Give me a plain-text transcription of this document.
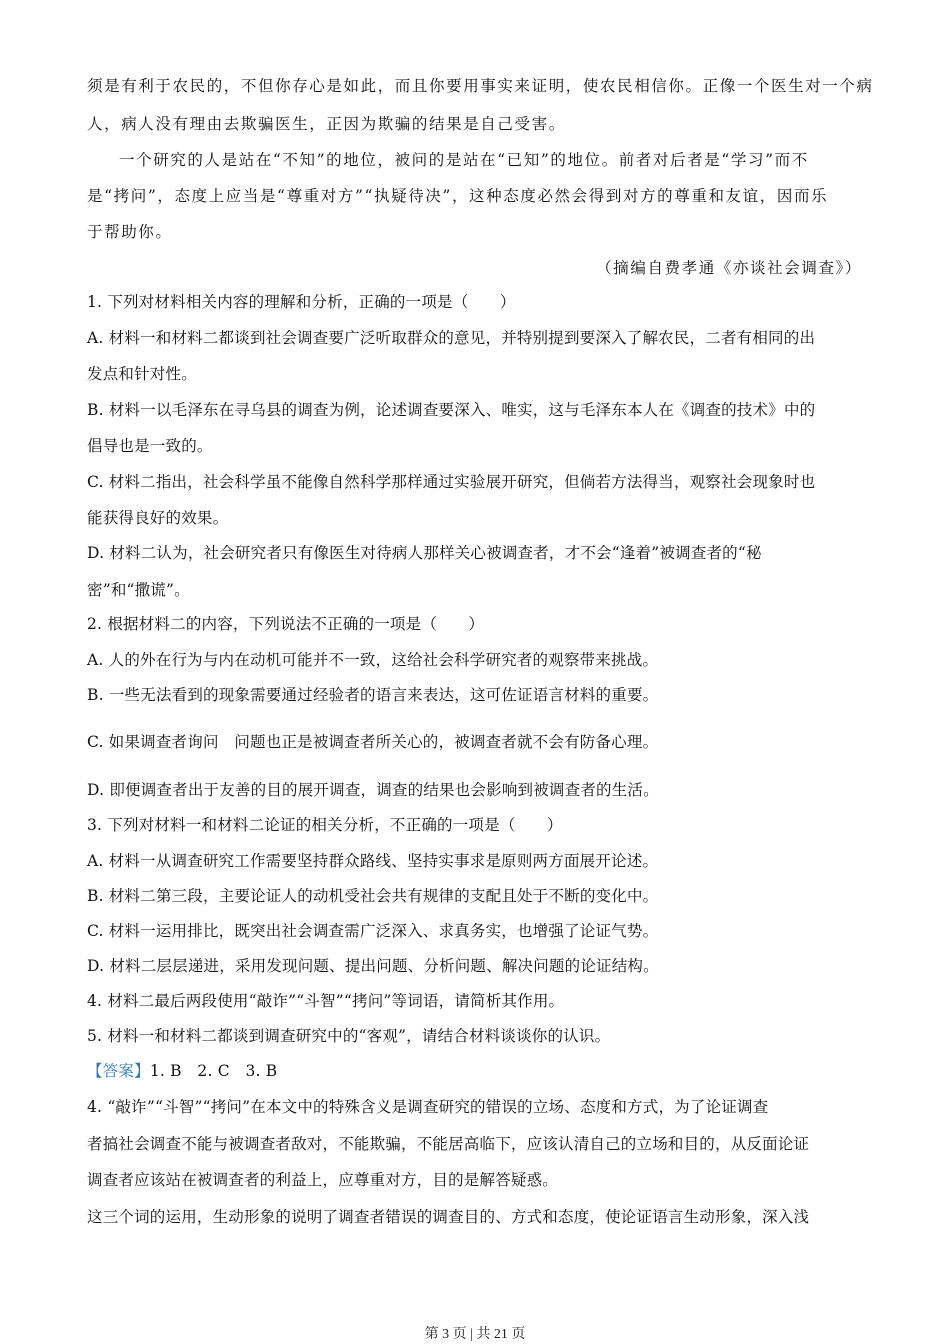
须是有利于农民的，不但你存心是如此，而且你要用事实来证明，使农民相信你。正像一个医生对一个病
人，病人没有理由去欺骗医生，正因为欺骗的结果是自己受害。
一个研究的人是站在“不知”的地位，被问的是站在“已知”的地位。前者对后者是“学习”而不
是“拷问”，态度上应当是“尊重对方”“执疑待决”，这种态度必然会得到对方的尊重和友谊，因而乐
于帮助你。
（摘编自费孝通《亦谈社会调查》）
1. 下列对材料相关内容的理解和分析，正确的一项是（　　）
A. 材料一和材料二都谈到社会调查要广泛听取群众的意见，并特别提到要深入了解农民，二者有相同的出
发点和针对性。
B. 材料一以毛泽东在寻乌县的调查为例，论述调查要深入、唯实，这与毛泽东本人在《调查的技术》中的
倡导也是一致的。
C. 材料二指出，社会科学虽不能像自然科学那样通过实验展开研究，但倘若方法得当，观察社会现象时也
能获得良好的效果。
D. 材料二认为，社会研究者只有像医生对待病人那样关心被调查者，才不会“逢着”被调查者的“秘
密”和“撒谎”。
2. 根据材料二的内容，下列说法不正确的一项是（　　）
A. 人的外在行为与内在动机可能并不一致，这给社会科学研究者的观察带来挑战。
B. 一些无法看到的现象需要通过经验者的语言来表达，这可佐证语言材料的重要。
C. 如果调查者询问　问题也正是被调查者所关心的，被调查者就不会有防备心理。
D. 即便调查者出于友善的目的展开调查，调查的结果也会影响到被调查者的生活。
3. 下列对材料一和材料二论证的相关分析，不正确的一项是（　　）
A. 材料一从调查研究工作需要坚持群众路线、坚持实事求是原则两方面展开论述。
B. 材料二第三段，主要论证人的动机受社会共有规律的支配且处于不断的变化中。
C. 材料一运用排比，既突出社会调查需广泛深入、求真务实，也增强了论证气势。
D. 材料二层层递进，采用发现问题、提出问题、分析问题、解决问题的论证结构。
4. 材料二最后两段使用“敲诈”“斗智”“拷问”等词语，请简析其作用。
5. 材料一和材料二都谈到调查研究中的“客观”，请结合材料谈谈你的认识。
【答案】1. B　2. C　3. B
4. “敲诈”“斗智”“拷问”在本文中的特殊含义是调查研究的错误的立场、态度和方式，为了论证调查
者搞社会调查不能与被调查者敌对，不能欺骗，不能居高临下，应该认清自己的立场和目的，从反面论证
调查者应该站在被调查者的利益上，应尊重对方，目的是解答疑惑。
这三个词的运用，生动形象的说明了调查者错误的调查目的、方式和态度，使论证语言生动形象，深入浅
第 3 页 | 共 21 页
